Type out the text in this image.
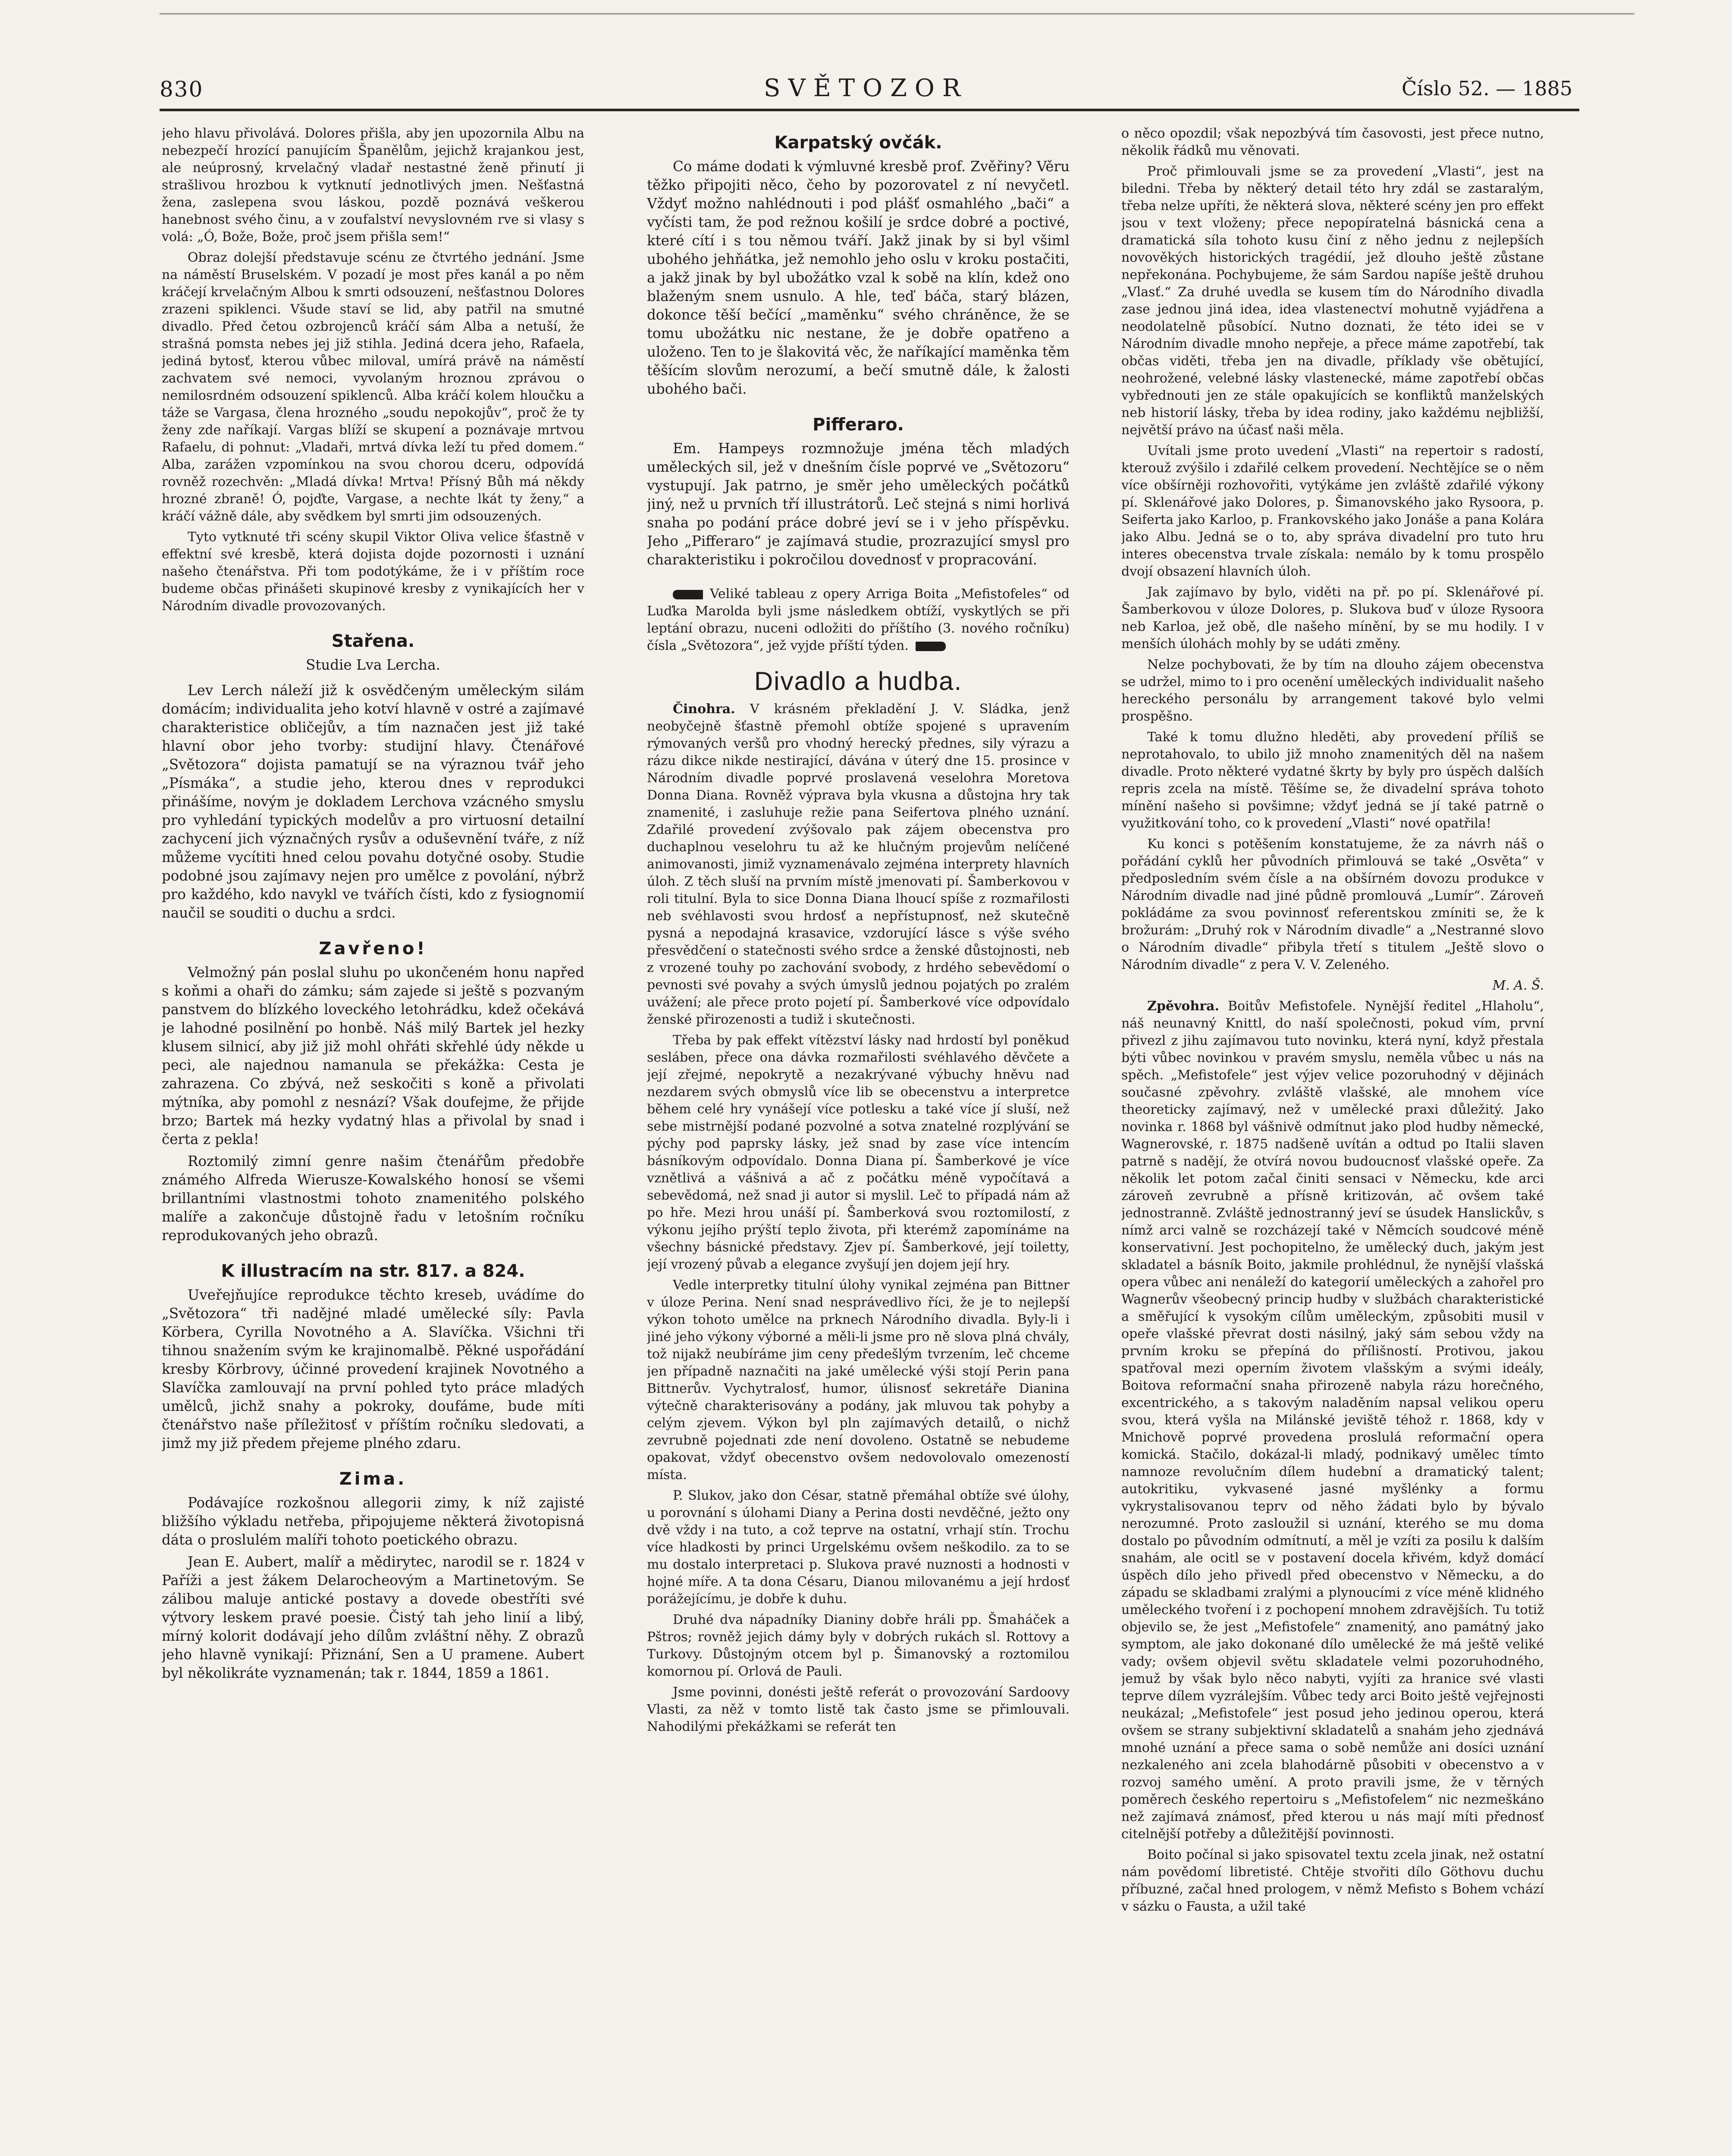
830	SVĚTOZOR	Číslo 52. — 1885

jeho hlavu přivolává. Dolores přišla, aby jen upozornila Albu na nebezpečí hrozící panujícím Španělům, jejichž krajankou jest, ale neúprosný, krvelačný vladař nestastné ženě přinutí ji strašlivou hrozbou k vytknutí jednotlivých jmen. Nešťastná žena, zaslepena svou láskou, pozdě poznává veškerou hanebnost svého činu, a v zoufalství nevyslovném rve si vlasy s volá: „Ó, Bože, Bože, proč jsem přišla sem!“

Obraz dolejší představuje scénu ze čtvrtého jednání. Jsme na náměstí Bruselském. V pozadí je most přes kanál a po něm kráčejí krvelačným Albou k smrti odsouzení, nešťastnou Dolores zrazeni spiklenci. Všude staví se lid, aby patřil na smutné divadlo. Před četou ozbrojenců kráčí sám Alba a netuší, že strašná pomsta nebes jej již stihla. Jediná dcera jeho, Rafaela, jediná bytosť, kterou vůbec miloval, umírá právě na náměstí zachvatem své nemoci, vyvolaným hroznou zprávou o nemilosrdném odsouzení spiklenců. Alba kráčí kolem hloučku a táže se Vargasa, člena hrozného „soudu nepokojův“, proč že ty ženy zde naříkají. Vargas blíží se skupení a poznávaje mrtvou Rafaelu, di pohnut: „Vladaři, mrtvá dívka leží tu před domem.“ Alba, zarážen vzpomínkou na svou chorou dceru, odpovídá rovněž rozechvěn: „Mladá dívka! Mrtva! Přísný Bůh má někdy hrozné zbraně! Ó, pojďte, Vargase, a nechte lkát ty ženy,“ a kráčí vážně dále, aby svědkem byl smrti jim odsouzených.

Tyto vytknuté tři scény skupil Viktor Oliva velice šťastně v effektní své kresbě, která dojista dojde pozornosti i uznání našeho čtenářstva. Při tom podotýkáme, že i v příštím roce budeme občas přinášeti skupinové kresby z vynikajících her v Národním divadle provozovaných.

Stařena.

Studie Lva Lercha.

Lev Lerch náleží již k osvědčeným uměleckým silám domácím; individualita jeho kotví hlavně v ostré a zajímavé charakteristice obličejův, a tím naznačen jest již také hlavní obor jeho tvorby: studijní hlavy. Čtenářové „Světozora“ dojista pamatují se na výraznou tvář jeho „Písmáka“, a studie jeho, kterou dnes v reprodukci přinášíme, novým je dokladem Lerchova vzácného smyslu pro vyhledání typických modelův a pro virtuosní detailní zachycení jich význačných rysův a oduševnění tváře, z níž můžeme vycítiti hned celou povahu dotyčné osoby. Studie podobné jsou zajímavy nejen pro umělce z povolání, nýbrž pro každého, kdo navykl ve tvářích čísti, kdo z fysiognomií naučil se souditi o duchu a srdci.

Zavřeno!

Velmožný pán poslal sluhu po ukončeném honu napřed s koňmi a ohaři do zámku; sám zajede si ještě s pozvaným panstvem do blízkého loveckého letohrádku, kdež očekává je lahodné posilnění po honbě. Náš milý Bartek jel hezky klusem silnicí, aby již již mohl ohřáti skřehlé údy někde u peci, ale najednou namanula se překážka: Cesta je zahrazena. Co zbývá, než seskočiti s koně a přivolati mýtníka, aby pomohl z nesnází? Však doufejme, že přijde brzo; Bartek má hezky vydatný hlas a přivolal by snad i čerta z pekla!

Roztomilý zimní genre našim čtenářům předobře známého Alfreda Wierusze-Kowalského honosí se všemi brillantními vlastnostmi tohoto znamenitého polského malíře a zakončuje důstojně řadu v letošním ročníku reprodukovaných jeho obrazů.

K illustracím na str. 817. a 824.

Uveřejňujíce reprodukce těchto kreseb, uvádíme do „Světozora“ tři nadějné mladé umělecké síly: Pavla Körbera, Cyrilla Novotného a A. Slavíčka. Všichni tři tihnou snažením svým ke krajinomalbě. Pěkné uspořádání kresby Körbrovy, účinné provedení krajinek Novotného a Slavíčka zamlouvají na první pohled tyto práce mladých umělců, jichž snahy a pokroky, doufáme, bude míti čtenářstvo naše příležitosť v příštím ročníku sledovati, a jimž my již předem přejeme plného zdaru.

Zima.

Podávajíce rozkošnou allegorii zimy, k níž zajisté bližšího výkladu netřeba, připojujeme některá životopisná dáta o proslulém malíři tohoto poetického obrazu.

Jean E. Aubert, malíř a mědirytec, narodil se r. 1824 v Paříži a jest žákem Delarocheovým a Martinetovým. Se zálibou maluje antické postavy a dovede obestříti své výtvory leskem pravé poesie. Čistý tah jeho linií a libý, mírný kolorit dodávají jeho dílům zvláštní něhy. Z obrazů jeho hlavně vynikají: Přiznání, Sen a U pramene. Aubert byl několikráte vyznamenán; tak r. 1844, 1859 a 1861.

Karpatský ovčák.

Co máme dodati k výmluvné kresbě prof. Zvěřiny? Věru těžko připojiti něco, čeho by pozorovatel z ní nevyčetl. Vždyť možno nahlédnouti i pod plášť osmahlého „bači“ a vyčísti tam, že pod režnou košilí je srdce dobré a poctivé, které cítí i s tou němou tváří. Jakž jinak by si byl všiml ubohého jehňátka, jež nemohlo jeho oslu v kroku postačiti, a jakž jinak by byl ubožátko vzal k sobě na klín, kdež ono blaženým snem usnulo. A hle, teď báča, starý blázen, dokonce těší bečící „maměnku“ svého chráněnce, že se tomu ubožátku nic nestane, že je dobře opatřeno a uloženo. Ten to je šlakovitá věc, že naříkající maměnka těm těšícím slovům nerozumí, a bečí smutně dále, k žalosti ubohého bači.

Pifferaro.

Em. Hampeys rozmnožuje jména těch mladých uměleckých sil, jež v dnešním čísle poprvé ve „Světozoru“ vystupují. Jak patrno, je směr jeho uměleckých počátků jiný, než u prvních tří illustrátorů. Leč stejná s nimi horlivá snaha po podání práce dobré jeví se i v jeho příspěvku. Jeho „Pifferaro“ je zajímavá studie, prozrazující smysl pro charakteristiku i pokročilou dovednosť v propracování.

Veliké tableau z opery Arriga Boita „Mefistofeles“ od Luďka Marolda byli jsme následkem obtíží, vyskytlých se při leptání obrazu, nuceni odložiti do příštího (3. nového ročníku) čísla „Světozora“, jež vyjde příští týden.

Divadlo a hudba.

Činohra. V krásném překladění J. V. Sládka, jenž neobyčejně šťastně přemohl obtíže spojené s upravením rýmovaných veršů pro vhodný herecký přednes, sily výrazu a rázu dikce nikde nestirající, dávána v úterý dne 15. prosince v Národním divadle poprvé proslavená veselohra Moretova Donna Diana. Rovněž výprava byla vkusna a důstojna hry tak znamenité, i zasluhuje režie pana Seifertova plného uznání. Zdařilé provedení zvýšovalo pak zájem obecenstva pro duchaplnou veselohru tu až ke hlučným projevům nelíčené animovanosti, jimiž vyznamenávalo zejména interprety hlavních úloh. Z těch sluší na prvním místě jmenovati pí. Šamberkovou v roli titulní. Byla to sice Donna Diana lhoucí spíše z rozmařilosti neb svéhlavosti svou hrdosť a nepřístupnosť, než skutečně pysná a nepodajná krasavice, vzdorující lásce s výše svého přesvědčení o statečnosti svého srdce a ženské důstojnosti, neb z vrozené touhy po zachování svobody, z hrdého sebevědomí o pevnosti své povahy a svých úmyslů jednou pojatých po zralém uvážení; ale přece proto pojetí pí. Šamberkové více odpovídalo ženské přirozenosti a tudiž i skutečnosti.

Třeba by pak effekt vítězství lásky nad hrdostí byl poněkud sesláben, přece ona dávka rozmařilosti svéhlavého děvčete a její zřejmé, nepokrytě a nezakrývané výbuchy hněvu nad nezdarem svých obmyslů více lib se obecenstvu a interpretce během celé hry vynášejí více potlesku a také více jí sluší, než sebe mistrnější podané pozvolné a sotva znatelné rozplývání se pýchy pod paprsky lásky, jež snad by zase více intencím básníkovým odpovídalo. Donna Diana pí. Šamberkové je více vznětlivá a vášnivá a ač z počátku méně vypočítavá a sebevědomá, než snad ji autor si myslil. Leč to případá nám až po hře. Mezi hrou unáší pí. Šamberková svou roztomilostí, z výkonu jejího prýští teplo života, při kterémž zapomínáme na všechny básnické představy. Zjev pí. Šamberkové, její toiletty, její vrozený půvab a elegance zvyšují jen dojem její hry.

Vedle interpretky titulní úlohy vynikal zejména pan Bittner v úloze Perina. Není snad nesprávedlivo říci, že je to nejlepší výkon tohoto umělce na prknech Národního divadla. Byly-li i jiné jeho výkony výborné a měli-li jsme pro ně slova plná chvály, tož nijakž neubíráme jim ceny předešlým tvrzením, leč chceme jen případně naznačiti na jaké umělecké výši stojí Perin pana Bittnerův. Vychytralosť, humor, úlisnosť sekretáře Dianina výtečně charakterisovány a podány, jak mluvou tak pohyby a celým zjevem. Výkon byl pln zajímavých detailů, o nichž zevrubně pojednati zde není dovoleno. Ostatně se nebudeme opakovat, vždyť obecenstvo ovšem nedovolovalo omezeností místa.

P. Slukov, jako don César, statně přemáhal obtíže své úlohy, u porovnání s úlohami Diany a Perina dosti nevděčné, ježto ony dvě vždy i na tuto, a což teprve na ostatní, vrhají stín. Trochu více hladkosti by princi Urgelskému ovšem neškodilo. za to se mu dostalo interpretaci p. Slukova pravé nuznosti a hodnosti v hojné míře. A ta dona Césaru, Dianou milovanému a její hrdosť porážejícímu, je dobře k duhu.

Druhé dva nápadníky Dianiny dobře hráli pp. Šmaháček a Pštros; rovněž jejich dámy byly v dobrých rukách sl. Rottovy a Turkovy. Důstojným otcem byl p. Šimanovský a roztomilou komornou pí. Orlová de Pauli.

Jsme povinni, donésti ještě referát o provozování Sardoovy Vlasti, za něž v tomto listě tak často jsme se přimlouvali. Nahodilými překážkami se referát ten

o něco opozdil; však nepozbývá tím časovosti, jest přece nutno, několik řádků mu věnovati.

Proč přimlouvali jsme se za provedení „Vlasti“, jest na biledni. Třeba by některý detail této hry zdál se zastaralým, třeba nelze upříti, že některá slova, některé scény jen pro effekt jsou v text vloženy; přece nepopíratelná básnická cena a dramatická síla tohoto kusu činí z něho jednu z nejlepších novověkých historických tragédií, jež dlouho ještě zůstane nepřekonána. Pochybujeme, že sám Sardou napíše ještě druhou „Vlasť.“ Za druhé uvedla se kusem tím do Národního divadla zase jednou jiná idea, idea vlastenectví mohutně vyjádřena a neodolatelně působící. Nutno doznati, že této idei se v Národním divadle mnoho nepřeje, a přece máme zapotřebí, tak občas viděti, třeba jen na divadle, příklady vše obětující, neohrožené, velebné lásky vlastenecké, máme zapotřebí občas vybřednouti jen ze stále opakujících se konfliktů manželských neb historií lásky, třeba by idea rodiny, jako každému nejbližší, největší právo na účasť naši měla.

Uvítali jsme proto uvedení „Vlasti“ na repertoir s radostí, kterouž zvýšilo i zdařilé celkem provedení. Nechtějíce se o něm více obšírněji rozhovořiti, vytýkáme jen zvláště zdařilé výkony pí. Sklenářové jako Dolores, p. Šimanovského jako Rysoora, p. Seiferta jako Karloo, p. Frankovského jako Jonáše a pana Kolára jako Albu. Jedná se o to, aby správa divadelní pro tuto hru interes obecenstva trvale získala: nemálo by k tomu prospělo dvojí obsazení hlavních úloh.

Jak zajímavo by bylo, viděti na př. po pí. Sklenářové pí. Šamberkovou v úloze Dolores, p. Slukova buď v úloze Rysoora neb Karloa, jež obě, dle našeho mínění, by se mu hodily. I v menších úlohách mohly by se udáti změny.

Nelze pochybovati, že by tím na dlouho zájem obecenstva se udržel, mimo to i pro ocenění uměleckých individualit našeho hereckého personálu by arrangement takové bylo velmi prospěšno.

Také k tomu dlužno hleděti, aby provedení příliš se neprotahovalo, to ubilo již mnoho znamenitých děl na našem divadle. Proto některé vydatné škrty by byly pro úspěch dalších repris zcela na místě. Těšíme se, že divadelní správa tohoto mínění našeho si povšimne; vždyť jedná se jí také patrně o využitkování toho, co k provedení „Vlasti“ nové opatřila!

Ku konci s potěšením konstatujeme, že za návrh náš o pořádání cyklů her původních přimlouvá se také „Osvěta“ v předposledním svém čísle a na obšírném dovozu produkce v Národním divadle nad jiné půdně promlouvá „Lumír“. Zároveň pokládáme za svou povinnosť referentskou zmíniti se, že k brožurám: „Druhý rok v Národním divadle“ a „Nestranné slovo o Národním divadle“ přibyla třetí s titulem „Ještě slovo o Národním divadle“ z pera V. V. Zeleného.

M. A. Š.

Zpěvohra. Boitův Mefistofele. Nynější ředitel „Hlaholu“, náš neunavný Knittl, do naší společnosti, pokud vím, první přivezl z jihu zajímavou tuto novinku, která nyní, když přestala býti vůbec novinkou v pravém smyslu, neměla vůbec u nás na spěch. „Mefistofele“ jest výjev velice pozoruhodný v dějinách současné zpěvohry. zvláště vlašské, ale mnohem více theoreticky zajímavý, než v umělecké praxi důležitý. Jako novinka r. 1868 byl vášnivě odmítnut jako plod hudby německé, Wagnerovské, r. 1875 nadšeně uvítán a odtud po Italii slaven patrně s nadějí, že otvírá novou budoucnosť vlašské opeře. Za několik let potom začal činiti sensaci v Německu, kde arci zároveň zevrubně a přísně kritizován, ač ovšem také jednostranně. Zvláště jednostranný jeví se úsudek Hanslickův, s nímž arci valně se rozcházejí také v Němcích soudcové méně konservativní. Jest pochopitelno, že umělecký duch, jakým jest skladatel a básník Boito, jakmile prohlédnul, že nynější vlašská opera vůbec ani nenáleží do kategorií uměleckých a zahořel pro Wagnerův všeobecný princip hudby v službách charakteristické a směřující k vysokým cílům uměleckým, způsobiti musil v opeře vlašské převrat dosti násilný, jaký sám sebou vždy na prvním kroku se přepíná do přílišností. Protivou, jakou spatřoval mezi operním životem vlašským a svými ideály, Boitova reformační snaha přirozeně nabyla rázu horečného, excentrického, a s takovým naladěním napsal velikou operu svou, která vyšla na Milánské jeviště téhož r. 1868, kdy v Mnichově poprvé provedena proslulá reformační opera komická. Stačilo, dokázal-li mladý, podnikavý umělec tímto namnoze revolučním dílem hudební a dramatický talent; autokritiku, vykvasené jasné myšlénky a formu vykrystalisovanou teprv od něho žádati bylo by bývalo nerozumné. Proto zasloužil si uznání, kterého se mu doma dostalo po původním odmítnutí, a měl je vzíti za posilu k dalším snahám, ale ocitl se v postavení docela křivém, když domácí úspěch dílo jeho přivedl před obecenstvo v Německu, a do západu se skladbami zralými a plynoucími z více méně klidného uměleckého tvoření i z pochopení mnohem zdravějších. Tu totiž objevilo se, že jest „Mefistofele“ znamenitý, ano památný jako symptom, ale jako dokonané dílo umělecké že má ještě veliké vady; ovšem objevil světu skladatele velmi pozoruhodného, jemuž by však bylo něco nabyti, vyjíti za hranice své vlasti teprve dílem vyzrálejším. Vůbec tedy arci Boito ještě vejřejnosti neukázal; „Mefistofele“ jest posud jeho jedinou operou, která ovšem se strany subjektivní skladatelů a snahám jeho zjednává mnohé uznání a přece sama o sobě nemůže ani dosíci uznání nezkaleného ani zcela blahodárně působiti v obecenstvo a v rozvoj samého umění. A proto pravili jsme, že v těrných poměrech českého repertoiru s „Mefistofelem“ nic nezmeškáno než zajímavá známosť, před kterou u nás mají míti přednosť citelnější potřeby a důležitější povinnosti.

Boito počínal si jako spisovatel textu zcela jinak, než ostatní nám povědomí libretisté. Chtěje stvořiti dílo Göthovu duchu příbuzné, začal hned prologem, v němž Mefisto s Bohem vchází v sázku o Fausta, a užil také
